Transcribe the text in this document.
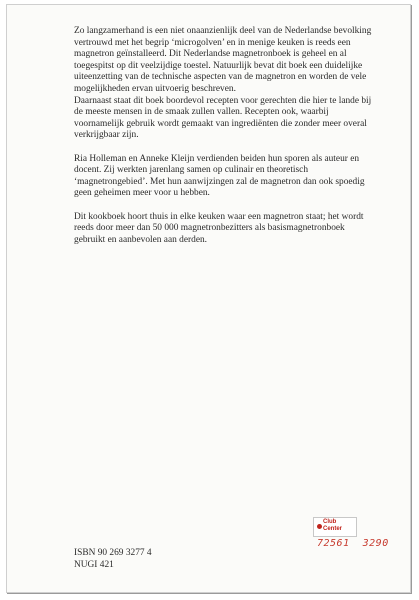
Zo langzamerhand is een niet onaanzienlijk deel van de Nederlandse bevolking vertrouwd met het begrip ‘microgolven’ en in menige keuken is reeds een magnetron geïnstalleerd. Dit Nederlandse magnetronboek is geheel en al toegespitst op dit veelzijdige toestel. Natuurlijk bevat dit boek een duidelijke uiteenzetting van de technische aspecten van de magnetron en worden de vele mogelijkheden ervan uitvoerig beschreven.

Daarnaast staat dit boek boordevol recepten voor gerechten die hier te lande bij de meeste mensen in de smaak zullen vallen. Recepten ook, waarbij voornamelijk gebruik wordt gemaakt van ingrediënten die zonder meer overal verkrijgbaar zijn.

Ria Holleman en Anneke Kleijn verdienden beiden hun sporen als auteur en docent. Zij werkten jarenlang samen op culinair en theoretisch ‘magnetrongebied’. Met hun aanwijzingen zal de magnetron dan ook spoedig geen geheimen meer voor u hebben.

Dit kookboek hoort thuis in elke keuken waar een magnetron staat; het wordt reeds door meer dan 50 000 magnetronbezitters als basismagnetronboek gebruikt en aanbevolen aan derden.

Club
Center
72561  3290
ISBN 90 269 3277 4
NUGI 421
